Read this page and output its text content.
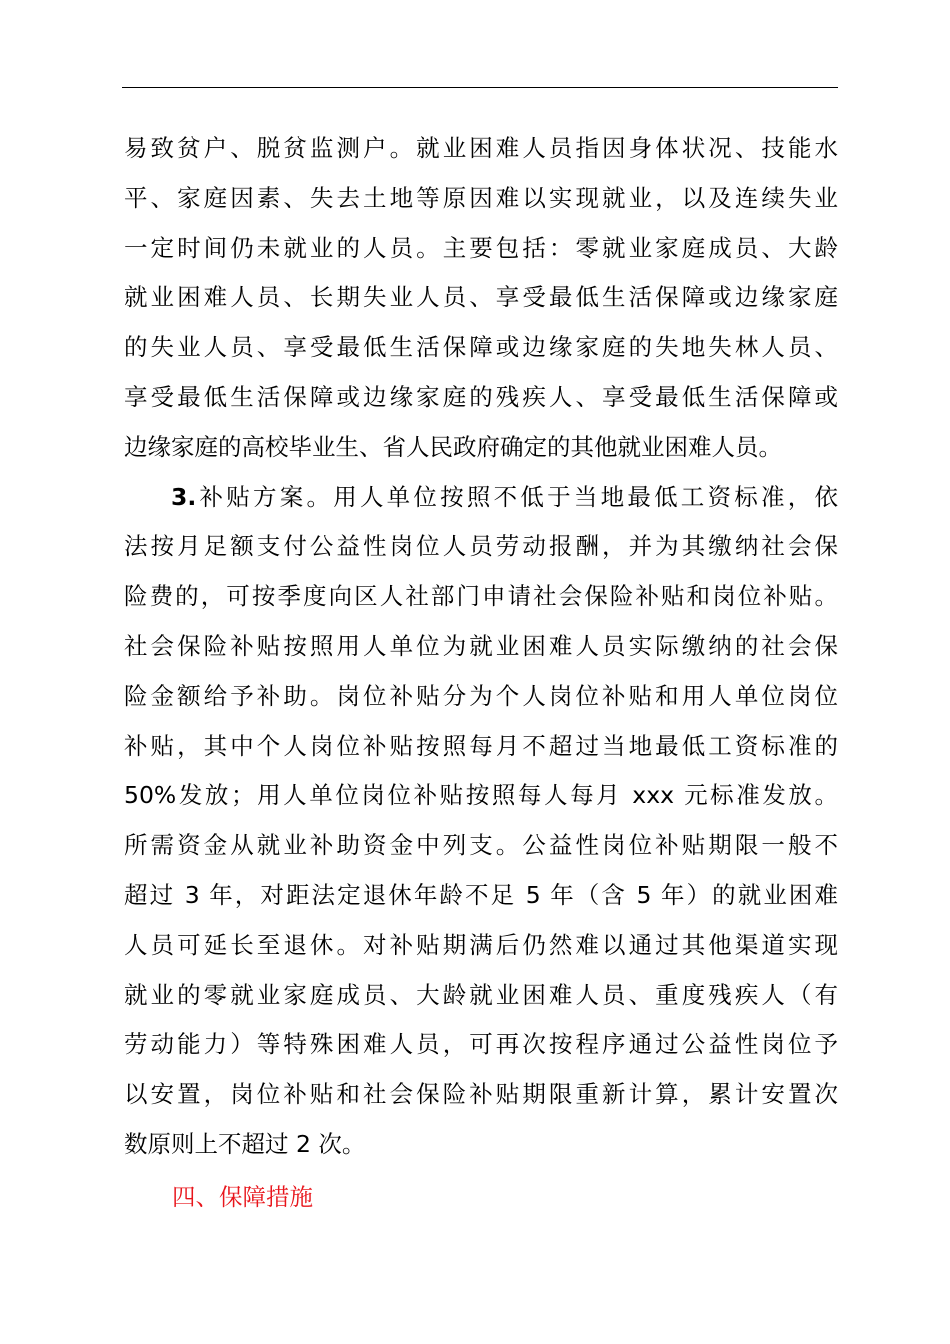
易致贫户、脱贫监测户。就业困难人员指因身体状况、技能水
平、家庭因素、失去土地等原因难以实现就业，以及连续失业
一定时间仍未就业的人员。主要包括：零就业家庭成员、大龄
就业困难人员、长期失业人员、享受最低生活保障或边缘家庭
的失业人员、享受最低生活保障或边缘家庭的失地失林人员、
享受最低生活保障或边缘家庭的残疾人、享受最低生活保障或
边缘家庭的高校毕业生、省人民政府确定的其他就业困难人员。
3.补贴方案。用人单位按照不低于当地最低工资标准，依
法按月足额支付公益性岗位人员劳动报酬，并为其缴纳社会保
险费的，可按季度向区人社部门申请社会保险补贴和岗位补贴。
社会保险补贴按照用人单位为就业困难人员实际缴纳的社会保
险金额给予补助。岗位补贴分为个人岗位补贴和用人单位岗位
补贴，其中个人岗位补贴按照每月不超过当地最低工资标准的
50%发放；用人单位岗位补贴按照每人每月 xxx 元标准发放。
所需资金从就业补助资金中列支。公益性岗位补贴期限一般不
超过 3 年，对距法定退休年龄不足 5 年（含 5 年）的就业困难
人员可延长至退休。对补贴期满后仍然难以通过其他渠道实现
就业的零就业家庭成员、大龄就业困难人员、重度残疾人（有
劳动能力）等特殊困难人员，可再次按程序通过公益性岗位予
以安置，岗位补贴和社会保险补贴期限重新计算，累计安置次
数原则上不超过 2 次。
四、保障措施
